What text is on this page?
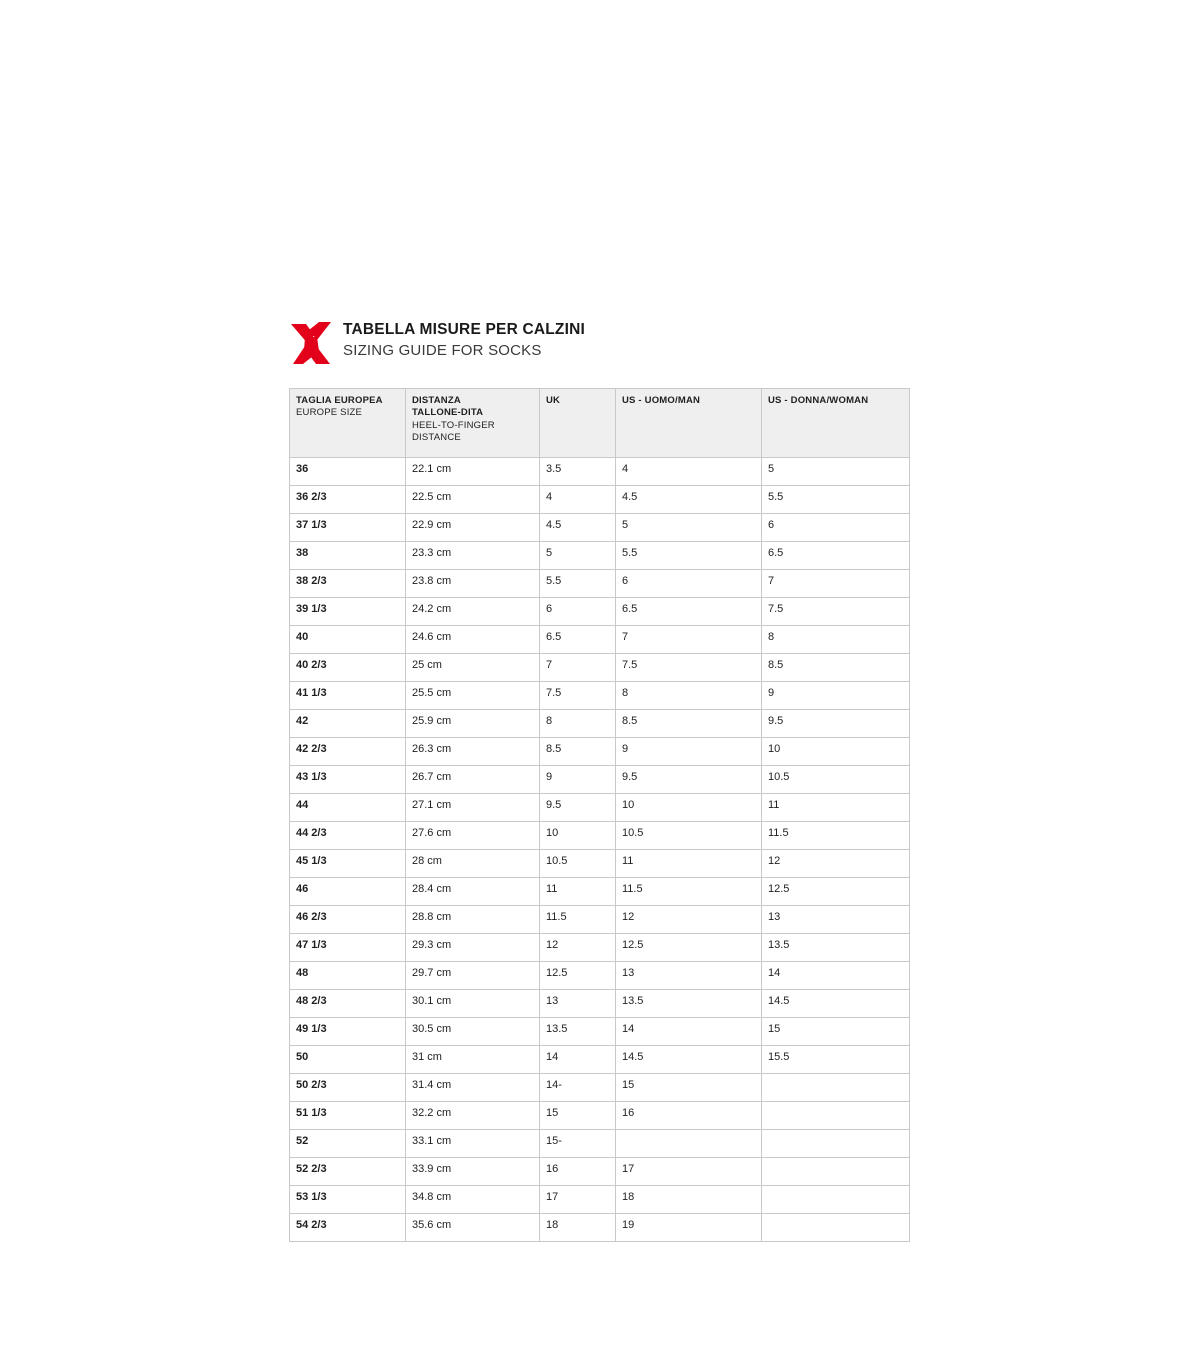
TABELLA MISURE PER CALZINI

SIZING GUIDE FOR SOCKS

TAGLIA EUROPEA
EUROPE SIZE	DISTANZA
TALLONE-DITA
HEEL-TO-FINGER
DISTANCE	UK	US - UOMO/MAN	US - DONNA/WOMAN

36	22.1 cm	3.5	4	5
36 2/3	22.5 cm	4	4.5	5.5
37 1/3	22.9 cm	4.5	5	6
38	23.3 cm	5	5.5	6.5
38 2/3	23.8 cm	5.5	6	7
39 1/3	24.2 cm	6	6.5	7.5
40	24.6 cm	6.5	7	8
40 2/3	25 cm	7	7.5	8.5
41 1/3	25.5 cm	7.5	8	9
42	25.9 cm	8	8.5	9.5
42 2/3	26.3 cm	8.5	9	10
43 1/3	26.7 cm	9	9.5	10.5
44	27.1 cm	9.5	10	11
44 2/3	27.6 cm	10	10.5	11.5
45 1/3	28 cm	10.5	11	12
46	28.4 cm	11	11.5	12.5
46 2/3	28.8 cm	11.5	12	13
47 1/3	29.3 cm	12	12.5	13.5
48	29.7 cm	12.5	13	14
48 2/3	30.1 cm	13	13.5	14.5
49 1/3	30.5 cm	13.5	14	15
50	31 cm	14	14.5	15.5
50 2/3	31.4 cm	14-	15	
51 1/3	32.2 cm	15	16	
52	33.1 cm	15-		
52 2/3	33.9 cm	16	17	
53 1/3	34.8 cm	17	18	
54 2/3	35.6 cm	18	19	
